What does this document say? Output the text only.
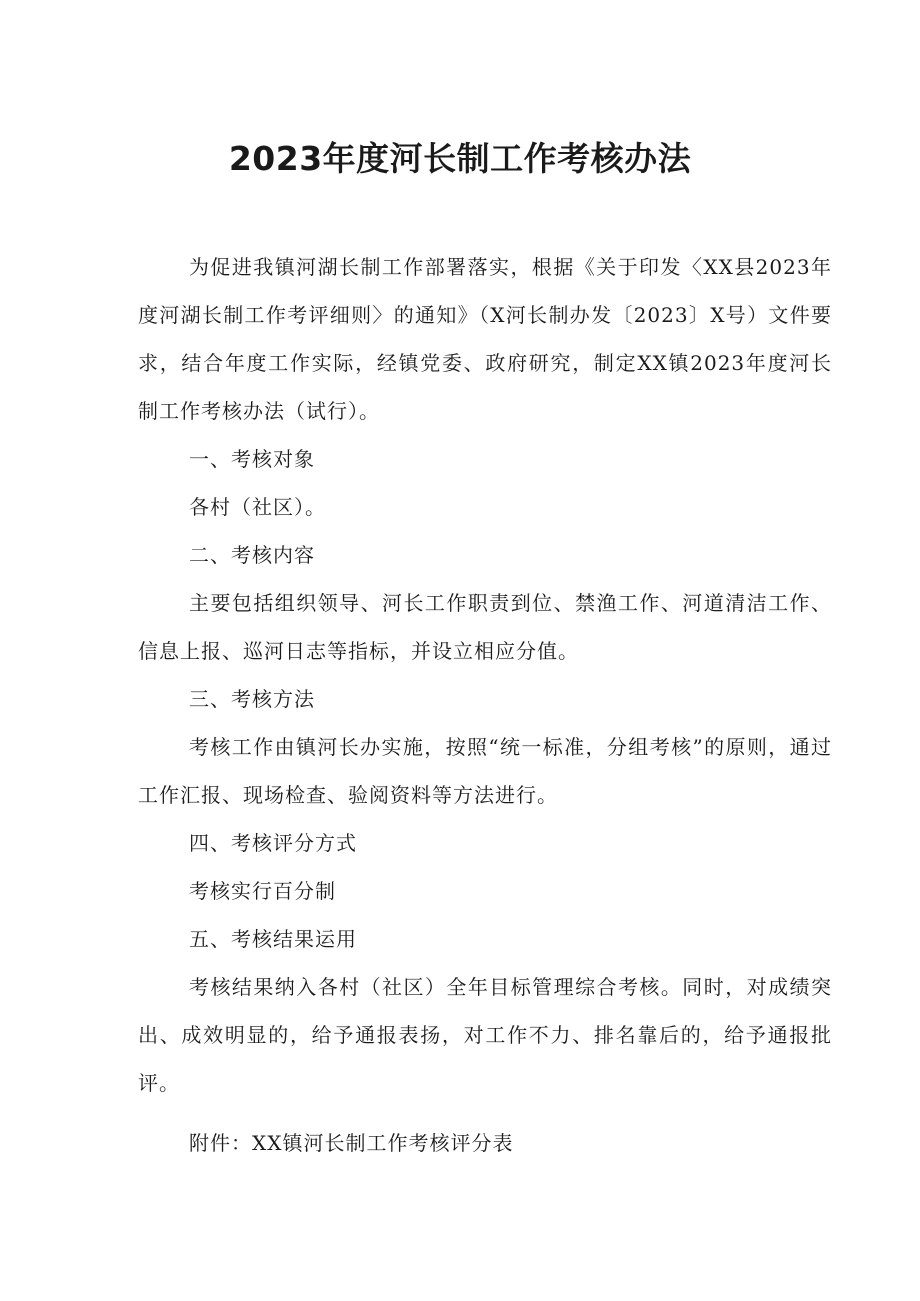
2023年度河长制工作考核办法

为促进我镇河湖长制工作部署落实，根据《关于印发〈XX县2023年度河湖长制工作考评细则〉的通知》（X河长制办发〔2023〕X号）文件要求，结合年度工作实际，经镇党委、政府研究，制定XX镇2023年度河长制工作考核办法（试行）。

一、考核对象

各村（社区）。

二、考核内容

主要包括组织领导、河长工作职责到位、禁渔工作、河道清洁工作、信息上报、巡河日志等指标，并设立相应分值。

三、考核方法

考核工作由镇河长办实施，按照“统一标准，分组考核”的原则，通过工作汇报、现场检查、验阅资料等方法进行。

四、考核评分方式

考核实行百分制

五、考核结果运用

考核结果纳入各村（社区）全年目标管理综合考核。同时，对成绩突出、成效明显的，给予通报表扬，对工作不力、排名靠后的，给予通报批评。

附件：XX镇河长制工作考核评分表
